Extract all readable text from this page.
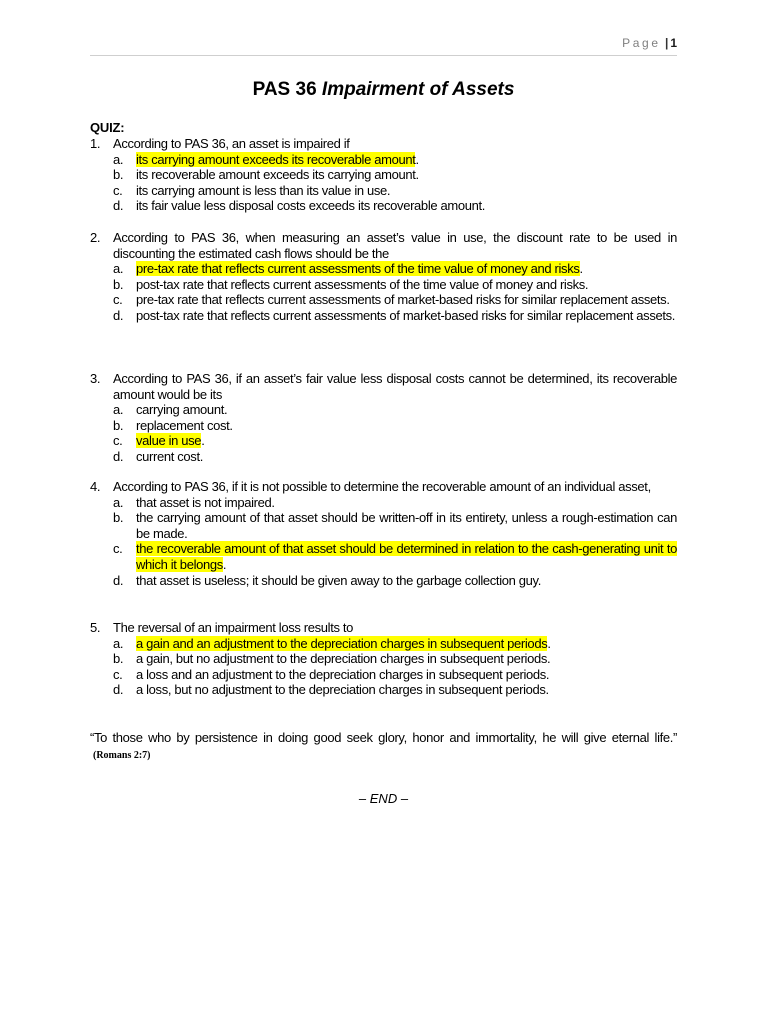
Page | 1
PAS 36 Impairment of Assets
QUIZ:
1. According to PAS 36, an asset is impaired if
a. its carrying amount exceeds its recoverable amount.
b. its recoverable amount exceeds its carrying amount.
c.	its carrying amount is less than its value in use.
d. its fair value less disposal costs exceeds its recoverable amount.
2. According to PAS 36, when measuring an asset’s value in use, the discount rate to be used in discounting the estimated cash flows should be the
a. pre-tax rate that reflects current assessments of the time value of money and risks.
b. post-tax rate that reflects current assessments of the time value of money and risks.
c.	pre-tax rate that reflects current assessments of market-based risks for similar replacement assets.
d. post-tax rate that reflects current assessments of market-based risks for similar replacement assets.
3. According to PAS 36, if an asset’s fair value less disposal costs cannot be determined, its recoverable amount would be its
a. carrying amount.
b. replacement cost.
c.	value in use.
d. current cost.
4. According to PAS 36, if it is not possible to determine the recoverable amount of an individual asset,
a. that asset is not impaired.
b. the carrying amount of that asset should be written-off in its entirety, unless a rough-estimation can be made.
c.	the recoverable amount of that asset should be determined in relation to the cash-generating unit to which it belongs.
d. that asset is useless; it should be given away to the garbage collection guy.
5. The reversal of an impairment loss results to
a. a gain and an adjustment to the depreciation charges in subsequent periods.
b. a gain, but no adjustment to the depreciation charges in subsequent periods.
c.	a loss and an adjustment to the depreciation charges in subsequent periods.
d. a loss, but no adjustment to the depreciation charges in subsequent periods.
“To those who by persistence in doing good seek glory, honor and immortality, he will give eternal life.” (Romans 2:7)
– END –
